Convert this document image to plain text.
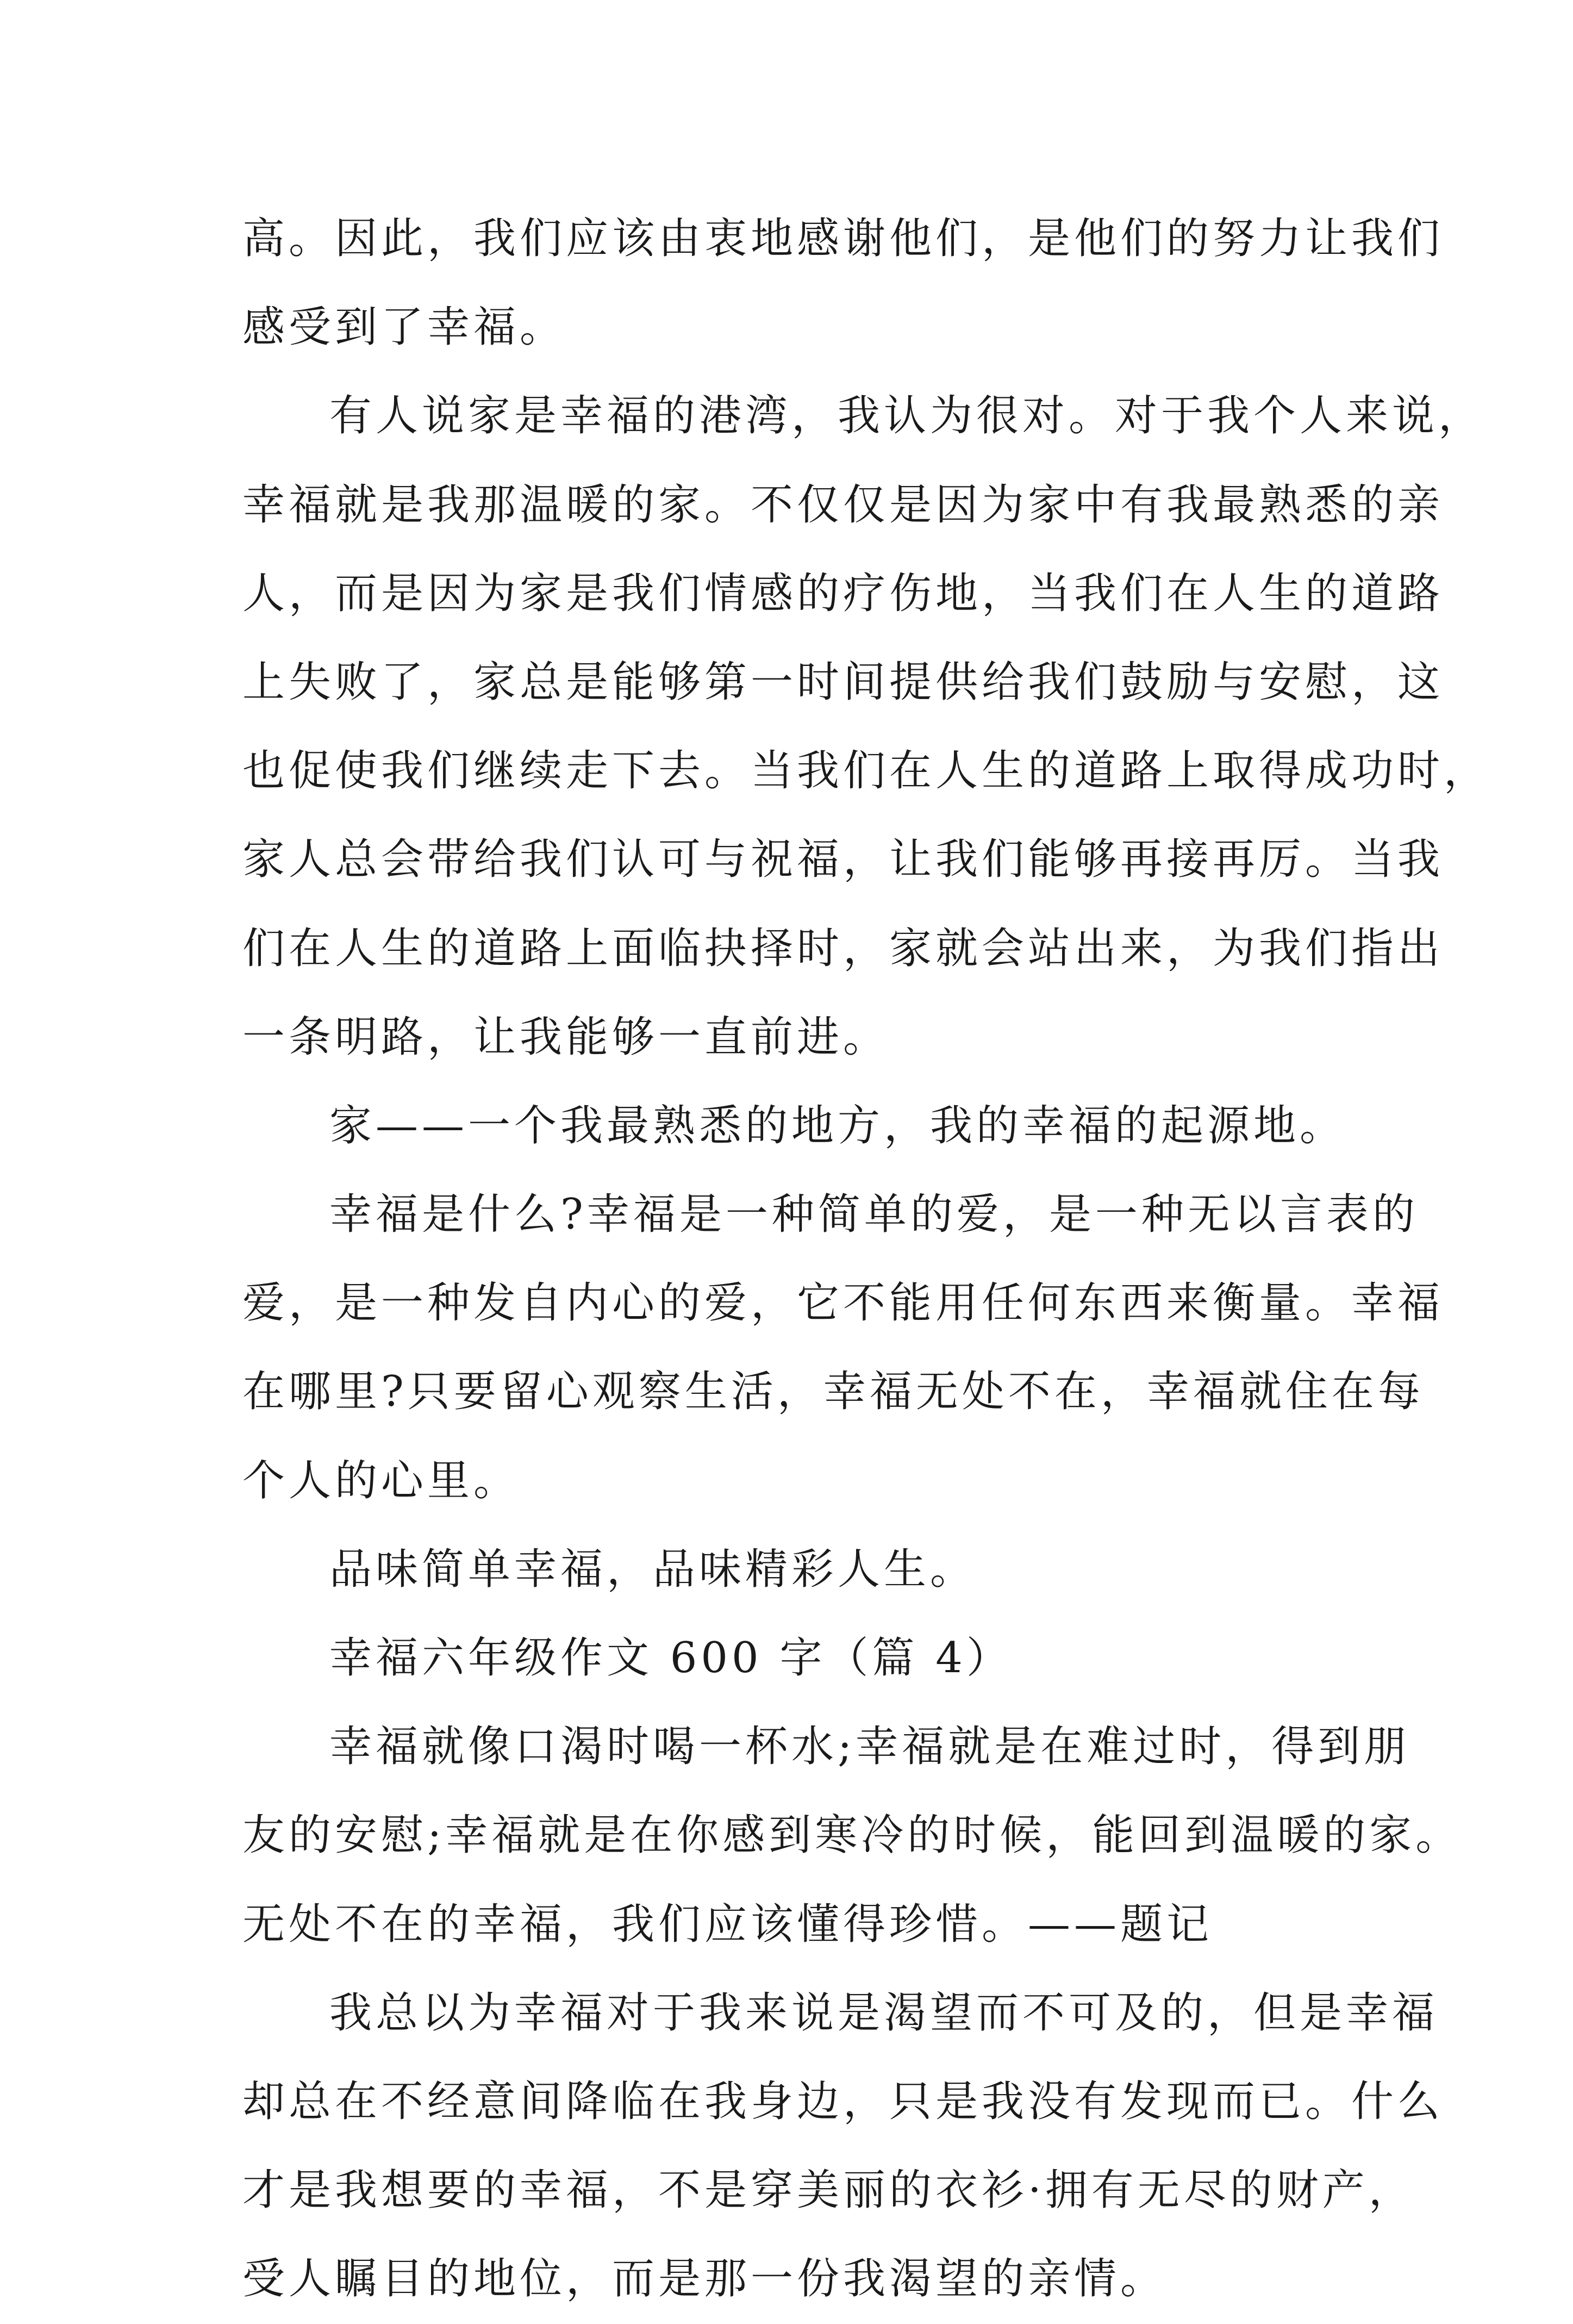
高。因此，我们应该由衷地感谢他们，是他们的努力让我们
感受到了幸福。
有人说家是幸福的港湾，我认为很对。对于我个人来说，
幸福就是我那温暖的家。不仅仅是因为家中有我最熟悉的亲
人，而是因为家是我们情感的疗伤地，当我们在人生的道路
上失败了，家总是能够第一时间提供给我们鼓励与安慰，这
也促使我们继续走下去。当我们在人生的道路上取得成功时，
家人总会带给我们认可与祝福，让我们能够再接再厉。当我
们在人生的道路上面临抉择时，家就会站出来，为我们指出
一条明路，让我能够一直前进。
家——一个我最熟悉的地方，我的幸福的起源地。
幸福是什么?幸福是一种简单的爱，是一种无以言表的
爱，是一种发自内心的爱，它不能用任何东西来衡量。幸福
在哪里?只要留心观察生活，幸福无处不在，幸福就住在每
个人的心里。
品味简单幸福，品味精彩人生。
幸福六年级作文 600 字（篇 4）
幸福就像口渴时喝一杯水;幸福就是在难过时，得到朋
友的安慰;幸福就是在你感到寒冷的时候，能回到温暖的家。
无处不在的幸福，我们应该懂得珍惜。——题记
我总以为幸福对于我来说是渴望而不可及的，但是幸福
却总在不经意间降临在我身边，只是我没有发现而已。什么
才是我想要的幸福，不是穿美丽的衣衫·拥有无尽的财产，
受人瞩目的地位，而是那一份我渴望的亲情。
